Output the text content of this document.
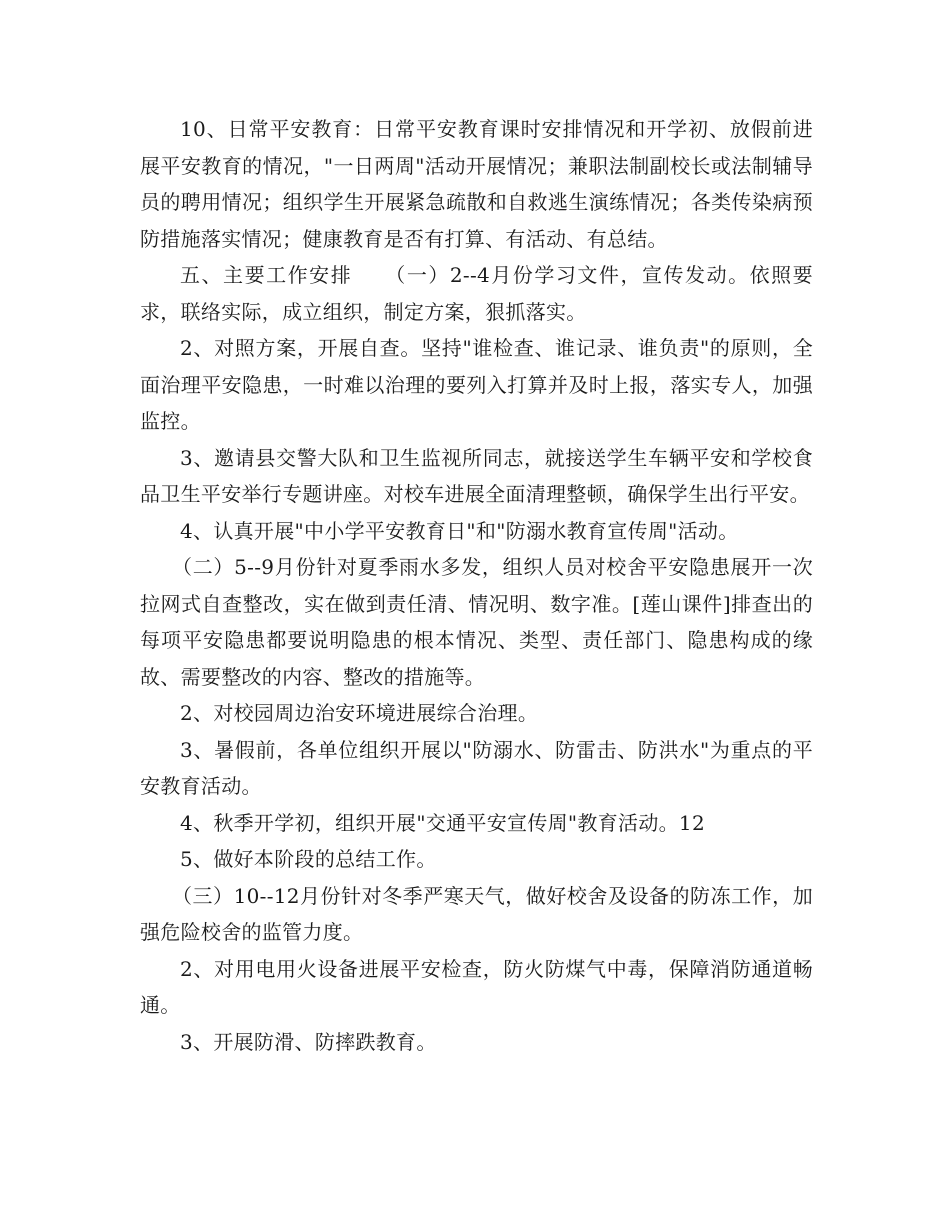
10、日常平安教育：日常平安教育课时安排情况和开学初、放假前进展平安教育的情况，"一日两周"活动开展情况；兼职法制副校长或法制辅导员的聘用情况；组织学生开展紧急疏散和自救逃生演练情况；各类传染病预防措施落实情况；健康教育是否有打算、有活动、有总结。

五、主要工作安排　　（一）2--4月份学习文件，宣传发动。依照要求，联络实际，成立组织，制定方案，狠抓落实。

2、对照方案，开展自查。坚持"谁检查、谁记录、谁负责"的原则，全面治理平安隐患，一时难以治理的要列入打算并及时上报，落实专人，加强监控。

3、邀请县交警大队和卫生监视所同志，就接送学生车辆平安和学校食品卫生平安举行专题讲座。对校车进展全面清理整顿，确保学生出行平安。

4、认真开展"中小学平安教育日"和"防溺水教育宣传周"活动。

（二）5--9月份针对夏季雨水多发，组织人员对校舍平安隐患展开一次拉网式自查整改，实在做到责任清、情况明、数字准。[莲山课件]排查出的每项平安隐患都要说明隐患的根本情况、类型、责任部门、隐患构成的缘故、需要整改的内容、整改的措施等。

2、对校园周边治安环境进展综合治理。

3、暑假前，各单位组织开展以"防溺水、防雷击、防洪水"为重点的平安教育活动。

4、秋季开学初，组织开展"交通平安宣传周"教育活动。12

5、做好本阶段的总结工作。

（三）10--12月份针对冬季严寒天气，做好校舍及设备的防冻工作，加强危险校舍的监管力度。

2、对用电用火设备进展平安检查，防火防煤气中毒，保障消防通道畅通。

3、开展防滑、防摔跌教育。
